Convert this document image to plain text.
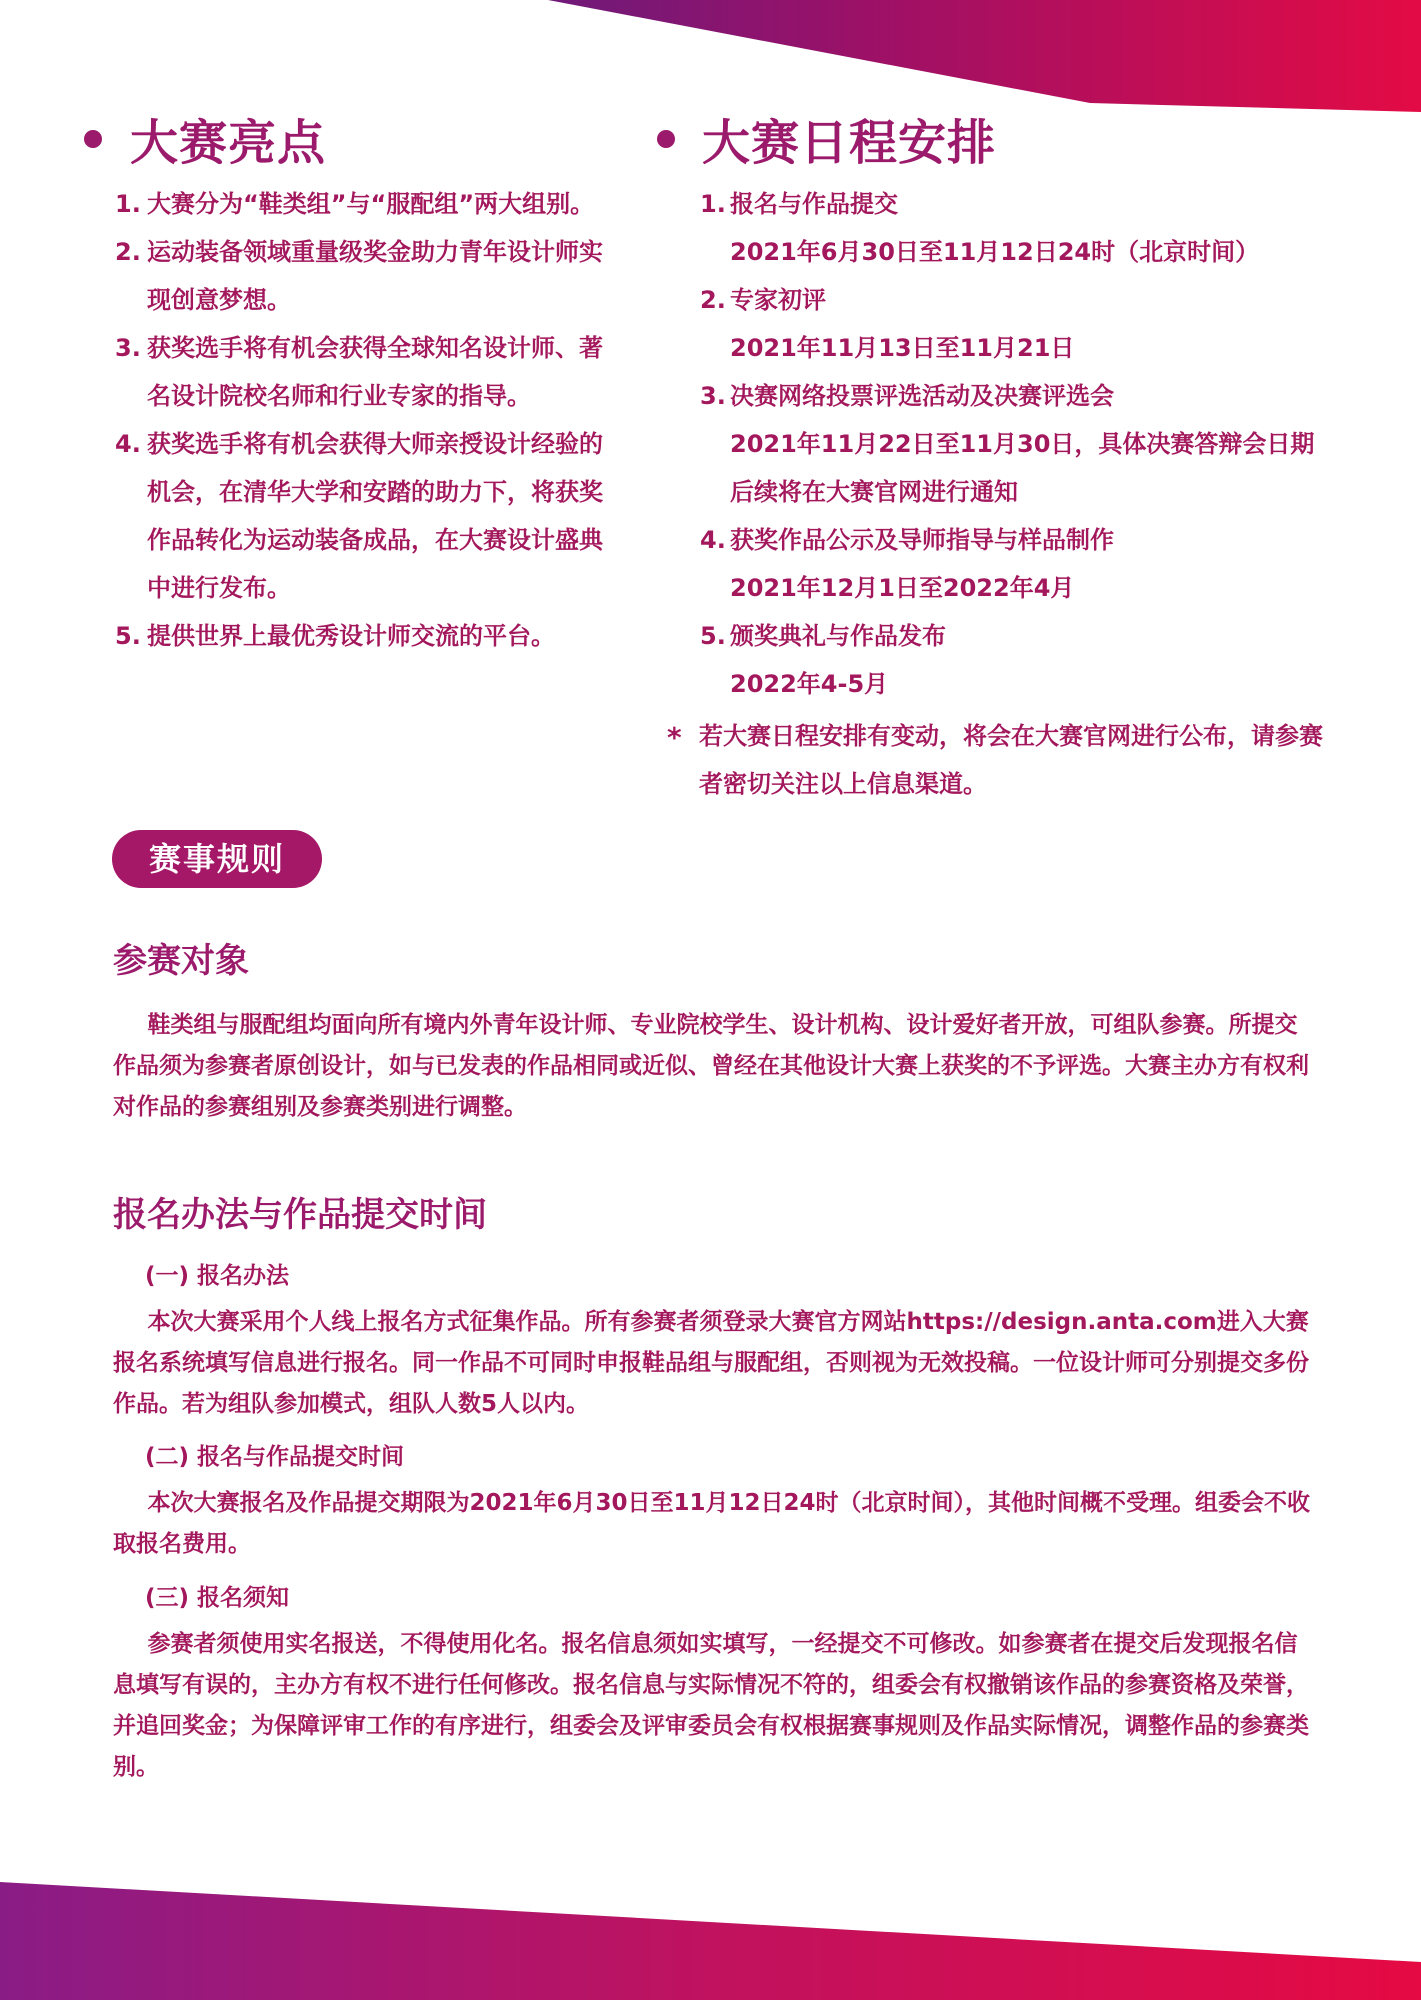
大赛亮点
1. 大赛分为“鞋类组”与“服配组”两大组别。
2. 运动装备领域重量级奖金助力青年设计师实现创意梦想。
3. 获奖选手将有机会获得全球知名设计师、著名设计院校名师和行业专家的指导。
4. 获奖选手将有机会获得大师亲授设计经验的机会，在清华大学和安踏的助力下，将获奖作品转化为运动装备成品，在大赛设计盛典中进行发布。
5. 提供世界上最优秀设计师交流的平台。
大赛日程安排
1. 报名与作品提交
2021年6月30日至11月12日24时（北京时间）
2. 专家初评
2021年11月13日至11月21日
3. 决赛网络投票评选活动及决赛评选会
2021年11月22日至11月30日，具体决赛答辩会日期后续将在大赛官网进行通知
4. 获奖作品公示及导师指导与样品制作
2021年12月1日至2022年4月
5. 颁奖典礼与作品发布
2022年4-5月

* 若大赛日程安排有变动，将会在大赛官网进行公布，请参赛者密切关注以上信息渠道。

赛事规则
参赛对象

鞋类组与服配组均面向所有境内外青年设计师、专业院校学生、设计机构、设计爱好者开放，可组队参赛。所提交作品须为参赛者原创设计，如与已发表的作品相同或近似、曾经在其他设计大赛上获奖的不予评选。大赛主办方有权利对作品的参赛组别及参赛类别进行调整。

报名办法与作品提交时间

(一) 报名办法

本次大赛采用个人线上报名方式征集作品。所有参赛者须登录大赛官方网站https://design.anta.com进入大赛报名系统填写信息进行报名。同一作品不可同时申报鞋品组与服配组，否则视为无效投稿。一位设计师可分别提交多份作品。若为组队参加模式，组队人数5人以内。

(二) 报名与作品提交时间

本次大赛报名及作品提交期限为2021年6月30日至11月12日24时（北京时间），其他时间概不受理。组委会不收取报名费用。

(三) 报名须知

参赛者须使用实名报送，不得使用化名。报名信息须如实填写，一经提交不可修改。如参赛者在提交后发现报名信息填写有误的，主办方有权不进行任何修改。报名信息与实际情况不符的，组委会有权撤销该作品的参赛资格及荣誉，并追回奖金；为保障评审工作的有序进行，组委会及评审委员会有权根据赛事规则及作品实际情况，调整作品的参赛类别。
